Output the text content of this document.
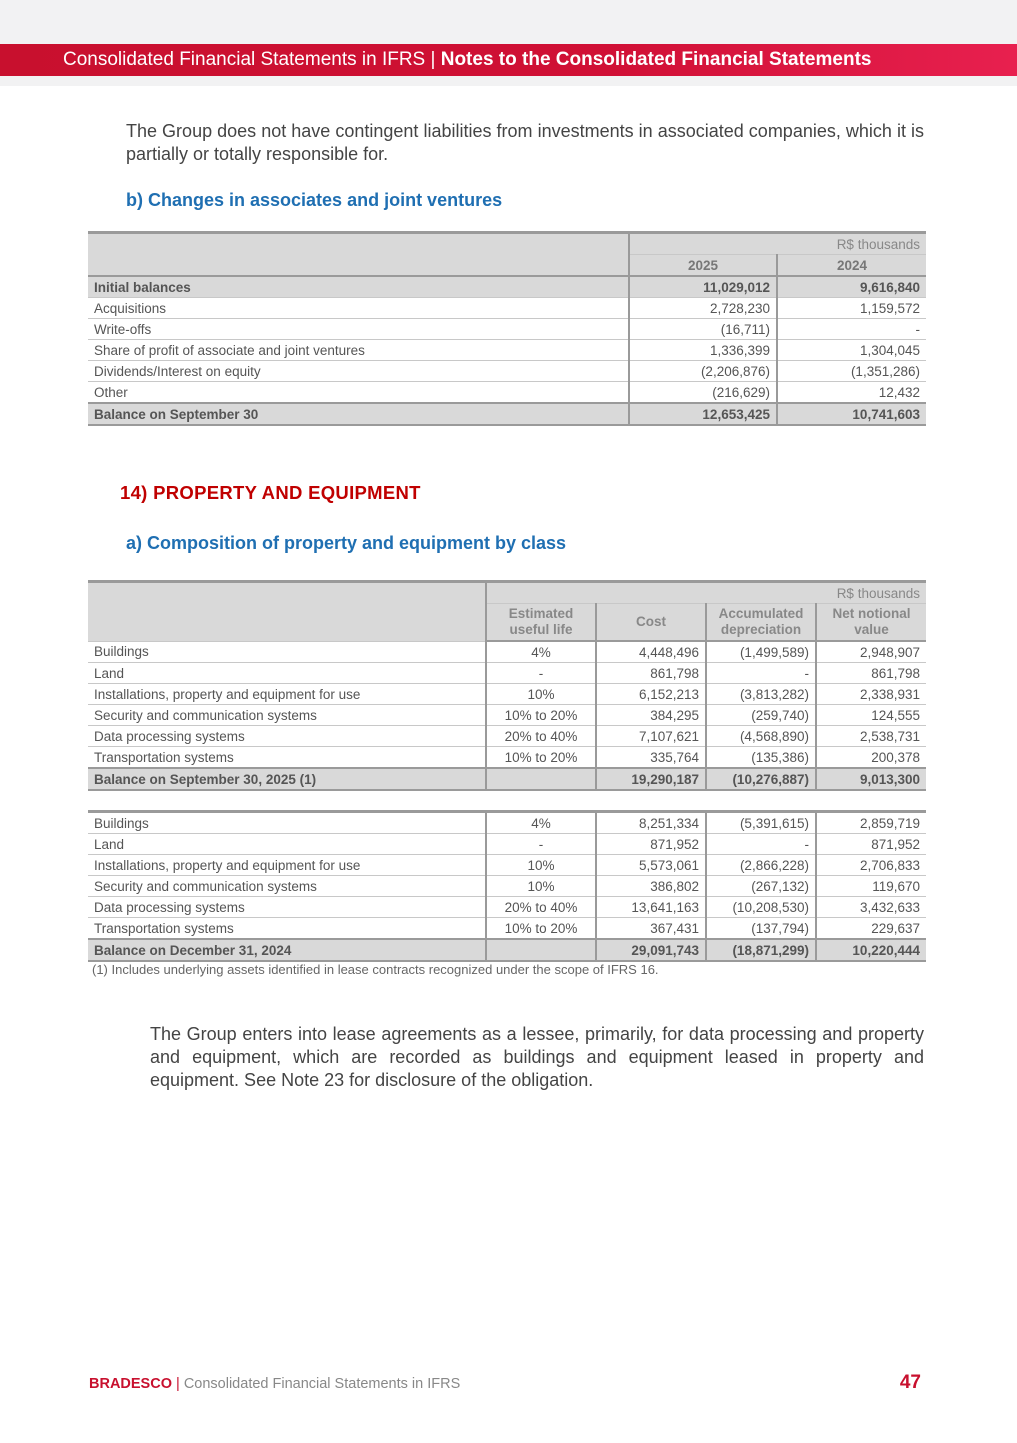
Consolidated Financial Statements in IFRS | Notes to the Consolidated Financial Statements
The Group does not have contingent liabilities from investments in associated companies, which it is partially or totally responsible for.
b) Changes in associates and joint ventures
	R$ thousands	
	2025	2024
Initial balances	11,029,012	9,616,840
Acquisitions	2,728,230	1,159,572
Write-offs	(16,711)	-
Share of profit of associate and joint ventures	1,336,399	1,304,045
Dividends/Interest on equity	(2,206,876)	(1,351,286)
Other	(216,629)	12,432
Balance on September 30	12,653,425	10,741,603
14) PROPERTY AND EQUIPMENT
a) Composition of property and equipment by class
	R$ thousands			
	Estimated useful life	Cost	Accumulated depreciation	Net notional value
Buildings	4%	4,448,496	(1,499,589)	2,948,907
Land	-	861,798	-	861,798
Installations, property and equipment for use	10%	6,152,213	(3,813,282)	2,338,931
Security and communication systems	10% to 20%	384,295	(259,740)	124,555
Data processing systems	20% to 40%	7,107,621	(4,568,890)	2,538,731
Transportation systems	10% to 20%	335,764	(135,386)	200,378
Balance on September 30, 2025 (1)		19,290,187	(10,276,887)	9,013,300
Buildings	4%	8,251,334	(5,391,615)	2,859,719
Land	-	871,952	-	871,952
Installations, property and equipment for use	10%	5,573,061	(2,866,228)	2,706,833
Security and communication systems	10%	386,802	(267,132)	119,670
Data processing systems	20% to 40%	13,641,163	(10,208,530)	3,432,633
Transportation systems	10% to 20%	367,431	(137,794)	229,637
Balance on December 31, 2024		29,091,743	(18,871,299)	10,220,444
(1) Includes underlying assets identified in lease contracts recognized under the scope of IFRS 16.
The Group enters into lease agreements as a lessee, primarily, for data processing and property and equipment, which are recorded as buildings and equipment leased in property and equipment. See Note 23 for disclosure of the obligation.
BRADESCO | Consolidated Financial Statements in IFRS	47
